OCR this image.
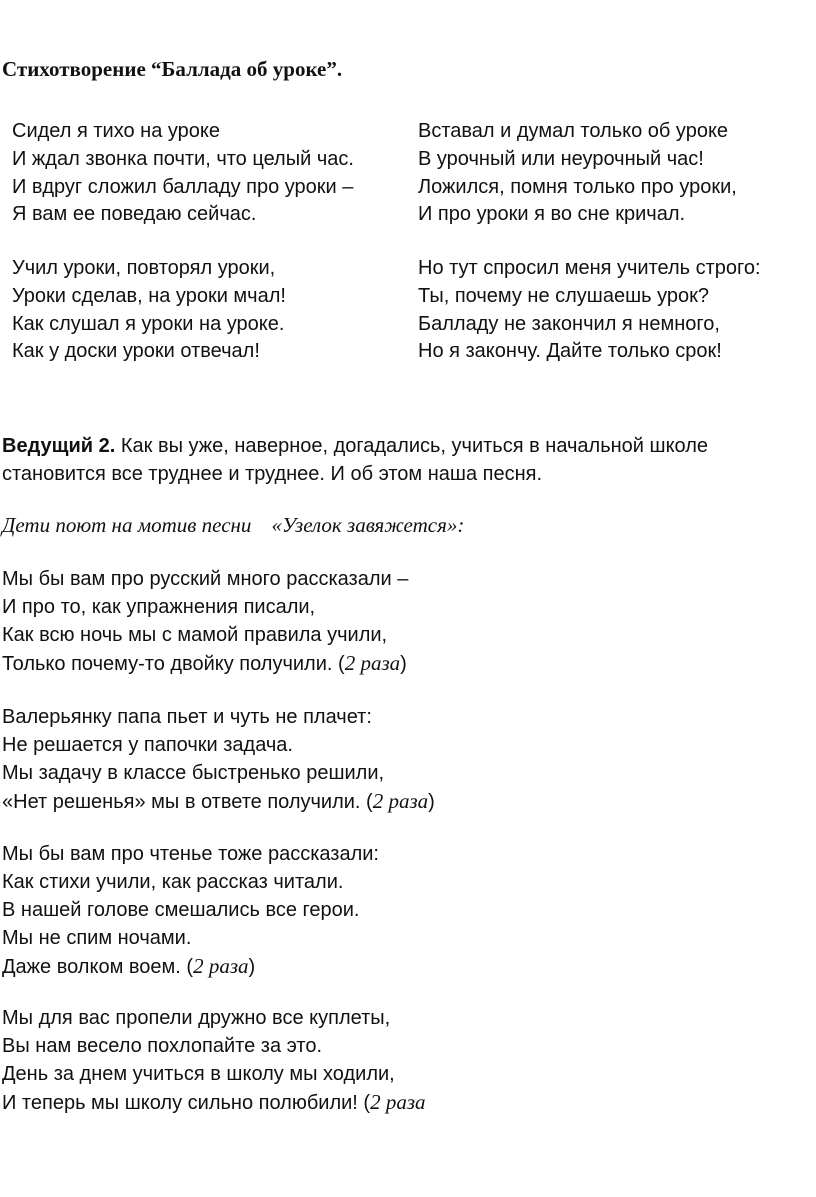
Стихотворение “Баллада об уроке”.
Сидел я тихо на уроке
И ждал звонка почти, что целый час.
И вдруг сложил балладу про уроки –
Я вам ее поведаю сейчас.
Вставал и думал только об уроке
В урочный или неурочный час!
Ложился, помня только про уроки,
И про уроки я во сне кричал.
Учил уроки, повторял уроки,
Уроки сделав, на уроки мчал!
Как слушал я уроки на уроке.
Как у доски уроки отвечал!
Но тут спросил меня учитель строго:
Ты, почему не слушаешь урок?
Балладу не закончил я немного,
Но я закончу. Дайте только срок!
Ведущий 2. Как вы уже, наверное, догадались, учиться в начальной школе становится все труднее и труднее. И об этом наша песня.
Дети поют на мотив песни «Узелок завяжется»:
Мы бы вам про русский много рассказали –
И про то, как упражнения писали,
Как всю ночь мы с мамой правила учили,
Только почему-то двойку получили. (2 раза)
Валерьянку папа пьет и чуть не плачет:
Не решается у папочки задача.
Мы задачу в классе быстренько решили,
«Нет решенья» мы в ответе получили. (2 раза)
Мы бы вам про чтенье тоже рассказали:
Как стихи учили, как рассказ читали.
В нашей голове смешались все герои.
Мы не спим ночами.
Даже волком воем. (2 раза)
Мы для вас пропели дружно все куплеты,
Вы нам весело похлопайте за это.
День за днем учиться в школу мы ходили,
И теперь мы школу сильно полюбили! (2 раза
